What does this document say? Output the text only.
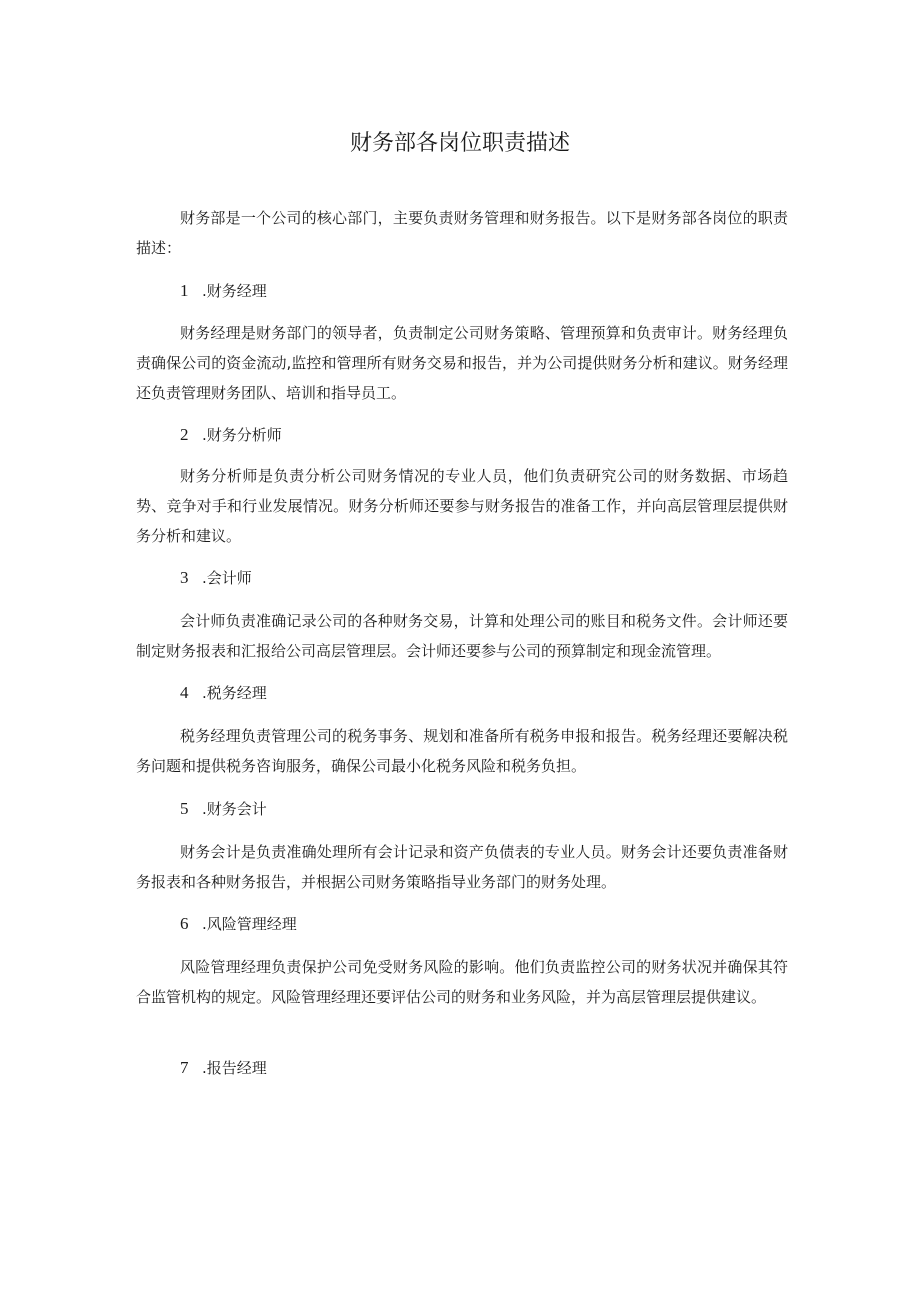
财务部各岗位职责描述

财务部是一个公司的核心部门，主要负责财务管理和财务报告。以下是财务部各岗位的职责描述：

1 .财务经理

财务经理是财务部门的领导者，负责制定公司财务策略、管理预算和负责审计。财务经理负责确保公司的资金流动,监控和管理所有财务交易和报告，并为公司提供财务分析和建议。财务经理还负责管理财务团队、培训和指导员工。

2 .财务分析师

财务分析师是负责分析公司财务情况的专业人员，他们负责研究公司的财务数据、市场趋势、竞争对手和行业发展情况。财务分析师还要参与财务报告的准备工作，并向高层管理层提供财务分析和建议。

3 .会计师

会计师负责准确记录公司的各种财务交易，计算和处理公司的账目和税务文件。会计师还要制定财务报表和汇报给公司高层管理层。会计师还要参与公司的预算制定和现金流管理。

4 .税务经理

税务经理负责管理公司的税务事务、规划和准备所有税务申报和报告。税务经理还要解决税务问题和提供税务咨询服务，确保公司最小化税务风险和税务负担。

5 .财务会计

财务会计是负责准确处理所有会计记录和资产负债表的专业人员。财务会计还要负责准备财务报表和各种财务报告，并根据公司财务策略指导业务部门的财务处理。

6 .风险管理经理

风险管理经理负责保护公司免受财务风险的影响。他们负责监控公司的财务状况并确保其符合监管机构的规定。风险管理经理还要评估公司的财务和业务风险，并为高层管理层提供建议。

7 .报告经理
